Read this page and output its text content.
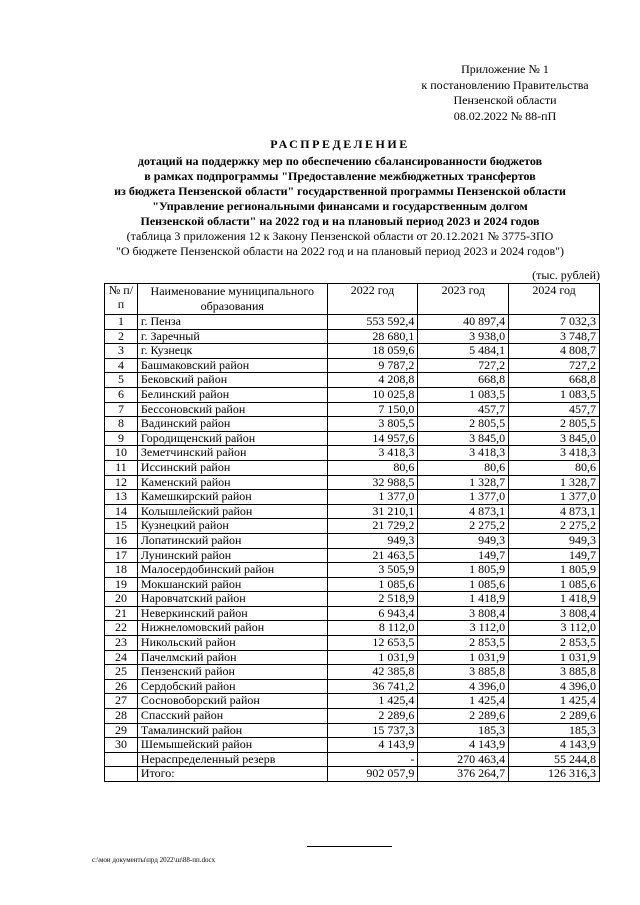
Приложение № 1
к постановлению Правительства
Пензенской области
08.02.2022 № 88-пП
РАСПРЕДЕЛЕНИЕ
дотаций на поддержку мер по обеспечению сбалансированности бюджетов
в рамках подпрограммы "Предоставление межбюджетных трансфертов
из бюджета Пензенской области" государственной программы Пензенской области
"Управление региональными финансами и государственным долгом
Пензенской области" на 2022 год и на плановый период 2023 и 2024 годов
(таблица 3 приложения 12 к Закону Пензенской области от 20.12.2021 № 3775-ЗПО
"О бюджете Пензенской области на 2022 год и на плановый период 2023 и 2024 годов")
(тыс. рублей)
№ п/п	Наименование муниципального образования	2022 год	2023 год	2024 год
1	г. Пенза	553 592,4	40 897,4	7 032,3
2	г. Заречный	28 680,1	3 938,0	3 748,7
3	г. Кузнецк	18 059,6	5 484,1	4 808,7
4	Башмаковский район	9 787,2	727,2	727,2
5	Бековский район	4 208,8	668,8	668,8
6	Белинский район	10 025,8	1 083,5	1 083,5
7	Бессоновский район	7 150,0	457,7	457,7
8	Вадинский район	3 805,5	2 805,5	2 805,5
9	Городищенский район	14 957,6	3 845,0	3 845,0
10	Земетчинский район	3 418,3	3 418,3	3 418,3
11	Иссинский район	80,6	80,6	80,6
12	Каменский район	32 988,5	1 328,7	1 328,7
13	Камешкирский район	1 377,0	1 377,0	1 377,0
14	Колышлейский район	31 210,1	4 873,1	4 873,1
15	Кузнецкий район	21 729,2	2 275,2	2 275,2
16	Лопатинский район	949,3	949,3	949,3
17	Лунинский район	21 463,5	149,7	149,7
18	Малосердобинский район	3 505,9	1 805,9	1 805,9
19	Мокшанский район	1 085,6	1 085,6	1 085,6
20	Наровчатский район	2 518,9	1 418,9	1 418,9
21	Неверкинский район	6 943,4	3 808,4	3 808,4
22	Нижнеломовский район	8 112,0	3 112,0	3 112,0
23	Никольский район	12 653,5	2 853,5	2 853,5
24	Пачелмский район	1 031,9	1 031,9	1 031,9
25	Пензенский район	42 385,8	3 885,8	3 885,8
26	Сердобский район	36 741,2	4 396,0	4 396,0
27	Сосновоборский район	1 425,4	1 425,4	1 425,4
28	Спасский район	2 289,6	2 289,6	2 289,6
29	Тамалинский район	15 737,3	185,3	185,3
30	Шемышейский район	4 143,9	4 143,9	4 143,9
	Нераспределенный резерв	-	270 463,4	55 244,8
	Итого:	902 057,9	376 264,7	126 316,3
c:\мои документы\прд 2022\ш\88-пп.docx
